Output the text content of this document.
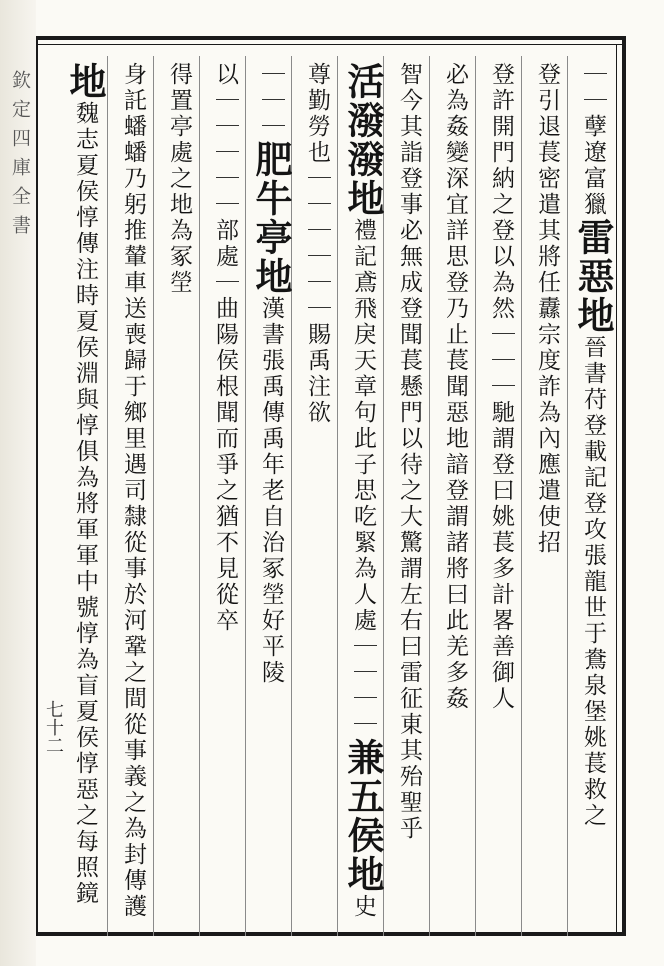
欽定四庫全書
七十二
｜｜孽遼富獵雷惡地晉書苻登載記登攻張龍世于鴦泉堡姚萇救之
登引退萇密遣其將任纛宗度詐為內應遣使招
登許開門納之登以為然｜｜｜馳謂登曰姚萇多計畧善御人
必為姦變深宜詳思登乃止萇聞惡地諳登謂諸將曰此羌多姦
智今其詣登事必無成登聞萇懸門以待之大驚謂左右曰雷征東其殆聖乎
活潑潑地禮記鳶飛戾天章句此子思吃緊為人處｜｜｜｜兼五侯地史
尊勤勞也｜｜｜｜｜｜賜禹注欲
｜｜｜肥牛亭地漢書張禹傳禹年老自治冢塋好平陵
以｜｜｜｜｜部處｜曲陽侯根聞而爭之猶不見從卒
得置亭處之地為冢塋
身託蟠蟠乃躬推輦車送喪歸于鄉里遇司隸從事於河鞏之間從事義之為封傳護
地魏志夏侯惇傳注時夏侯淵與惇俱為將軍軍中號惇為盲夏侯惇惡之每照鏡
